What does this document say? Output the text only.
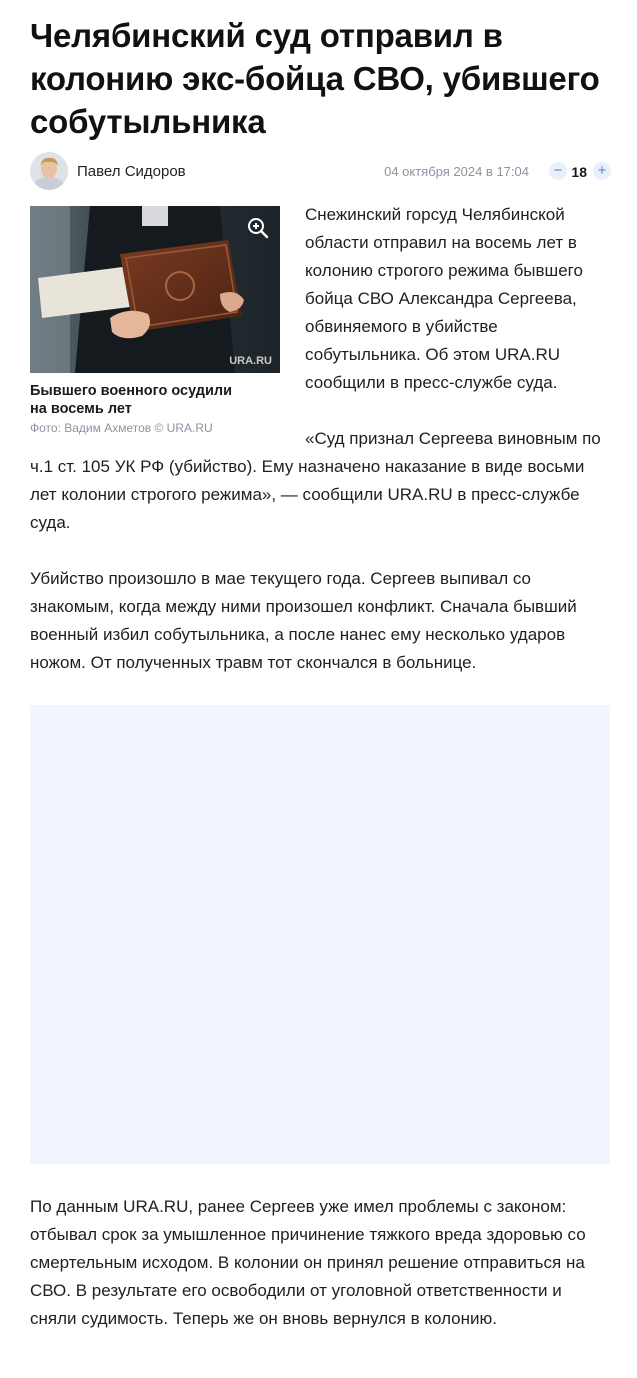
Челябинский суд отправил в колонию экс-бойца СВО, убившего собутыльника
Павел Сидоров	04 октября 2024 в 17:04	− 18 +
URA.RU
Бывшего военного осудили на восемь лет
Фото: Вадим Ахметов © URA.RU

Снежинский горсуд Челябинской области отправил на восемь лет в колонию строгого режима бывшего бойца СВО Александра Сергеева, обвиняемого в убийстве собутыльника. Об этом URA.RU сообщили в пресс-службе суда.

«Суд признал Сергеева виновным по ч.1 ст. 105 УК РФ (убийство). Ему назначено наказание в виде восьми лет колонии строгого режима», — сообщили URA.RU в пресс-службе суда.

Убийство произошло в мае текущего года. Сергеев выпивал со знакомым, когда между ними произошел конфликт. Сначала бывший военный избил собутыльника, а после нанес ему несколько ударов ножом. От полученных травм тот скончался в больнице.

По данным URA.RU, ранее Сергеев уже имел проблемы с законом: отбывал срок за умышленное причинение тяжкого вреда здоровью со смертельным исходом. В колонии он принял решение отправиться на СВО. В результате его освободили от уголовной ответственности и сняли судимость. Теперь же он вновь вернулся в колонию.
